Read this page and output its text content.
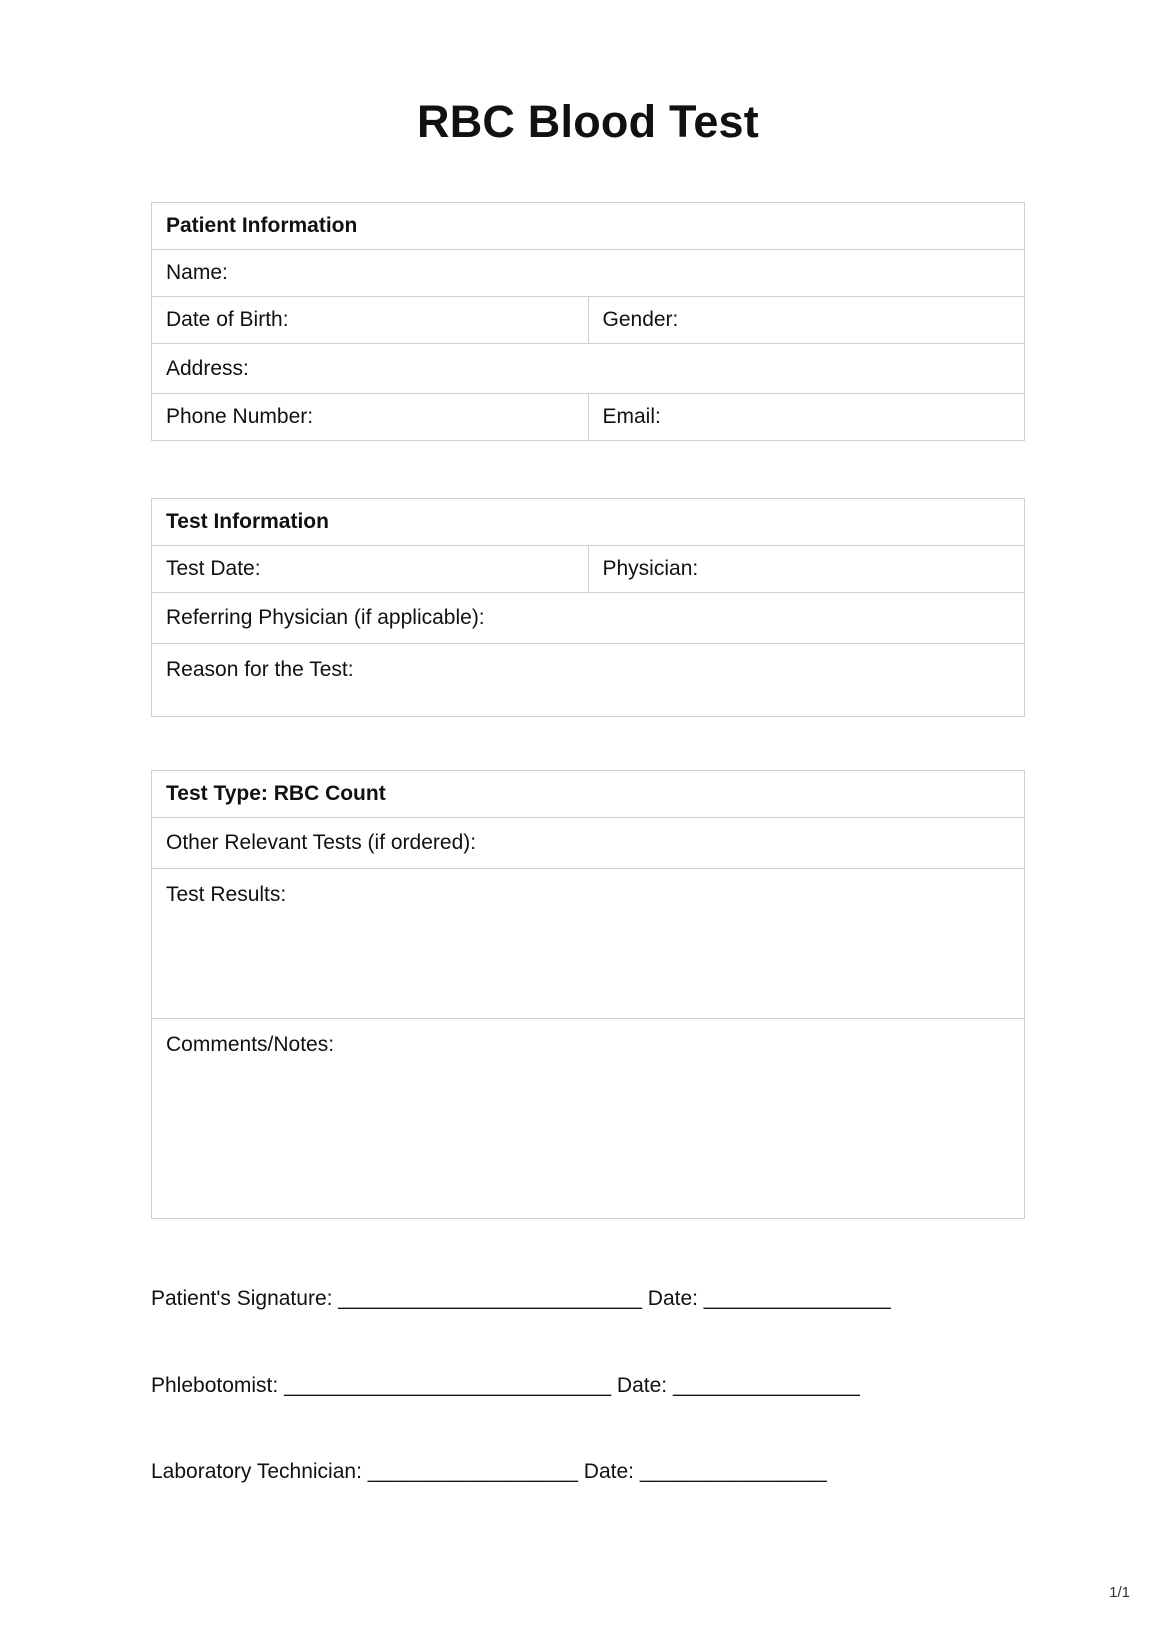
RBC Blood Test
Patient Information	
Name:	
Date of Birth:	Gender:
Address:	
Phone Number:	Email:
Test Information
Test Date:	Physician:
Referring Physician (if applicable):
Reason for the Test:
Test Type: RBC Count
Other Relevant Tests (if ordered):
Test Results:
Comments/Notes:
Patient's Signature: __________________________ Date: ________________
Phlebotomist: ____________________________ Date: ________________
Laboratory Technician: __________________ Date: ________________
1/1
